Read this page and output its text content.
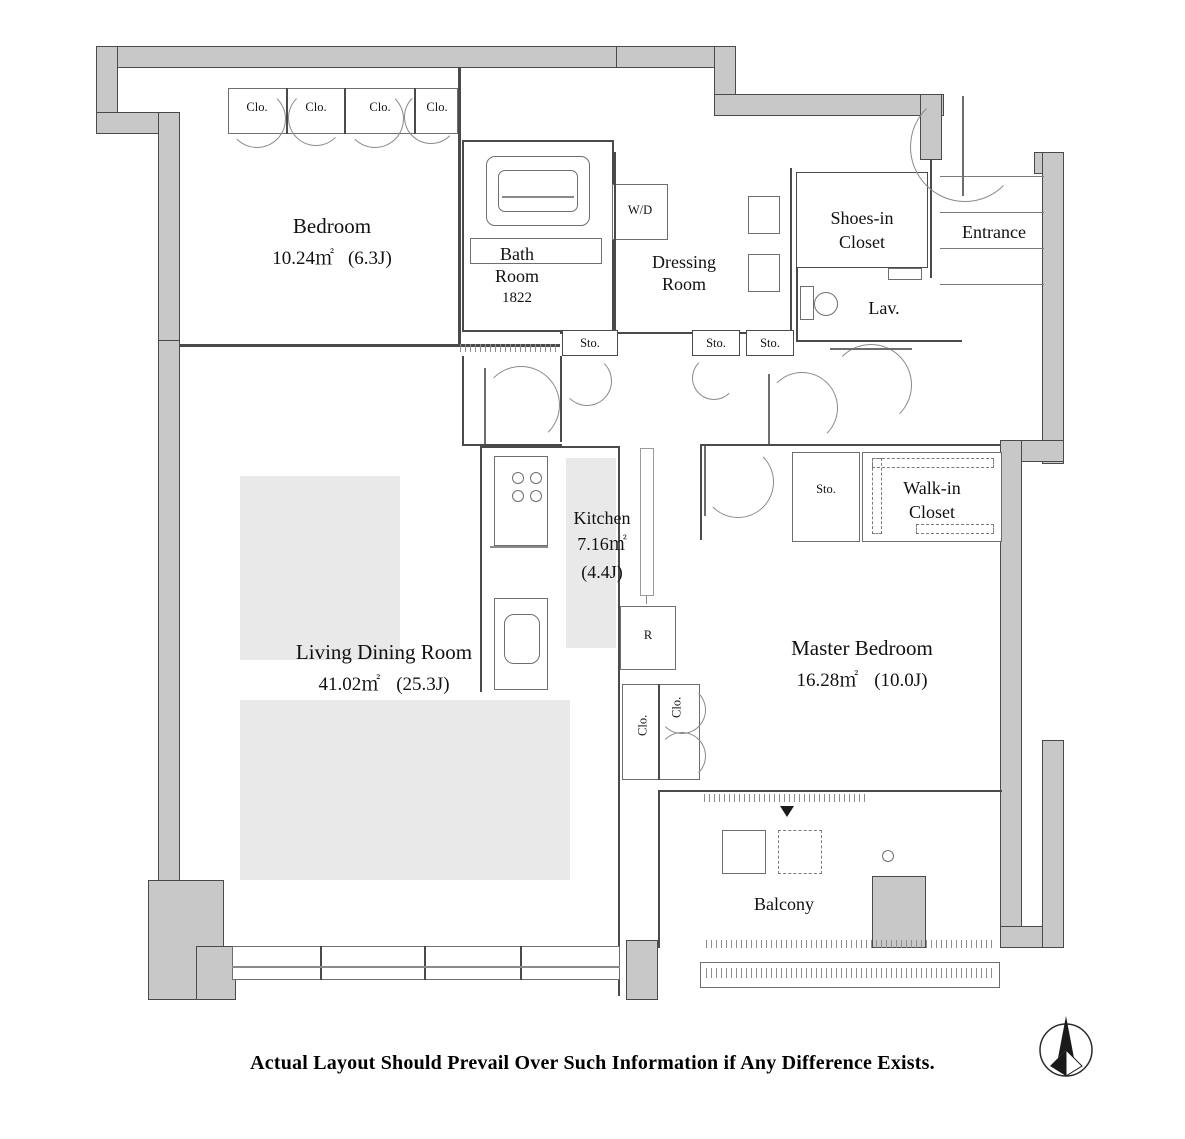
Clo.	Clo.	Clo.	Clo.
W/D
Sto.	Sto.	Sto.
R
Clo.
Clo.
Sto.
Bedroom
10.24㎡ (6.3J)	Bath
Room
1822
Dressing
Room
Shoes-in
Closet	Entrance
Lav.
Kitchen
7.16㎡
(4.4J)
Living Dining Room
41.02㎡ (25.3J)
Walk-in
Closet
Master Bedroom
16.28㎡ (10.0J)
Balcony
Actual Layout Should Prevail Over Such Information if Any Difference Exists.
